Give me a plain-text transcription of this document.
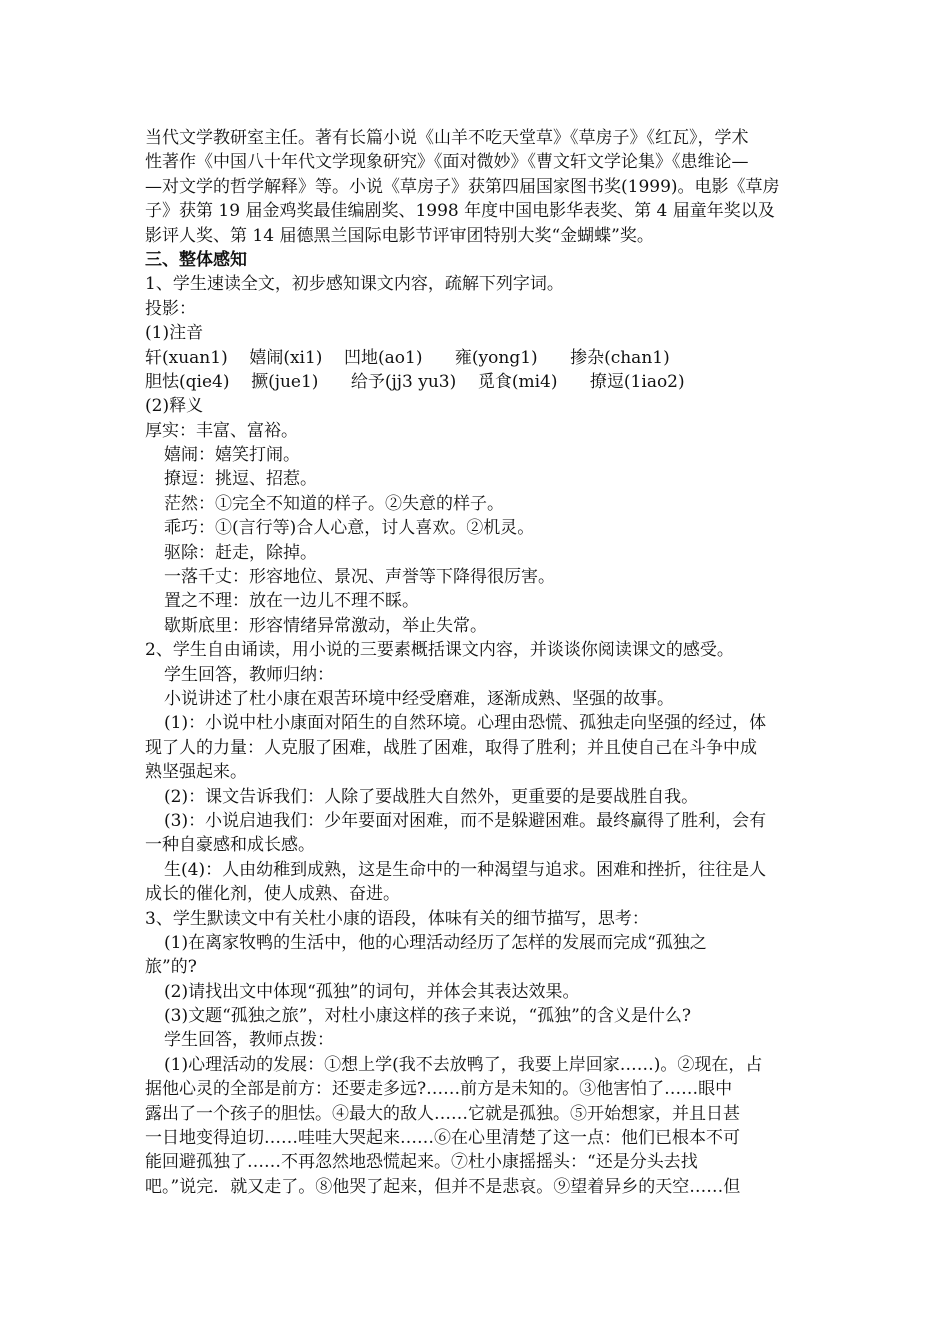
当代文学教研室主任。著有长篇小说《山羊不吃天堂草》《草房子》《红瓦》，学术
性著作《中国八十年代文学现象研究》《面对微妙》《曹文轩文学论集》《患维论—
—对文学的哲学解释》等。小说《草房子》获第四届国家图书奖(1999)。电影《草房
子》获第 19 届金鸡奖最佳编剧奖、1998 年度中国电影华表奖、第 4 届童年奖以及
影评人奖、第 14 届德黑兰国际电影节评审团特别大奖“金蝴蝶”奖。
三、整体感知
1、学生速读全文，初步感知课文内容，疏解下列字词。
投影：
(1)注音
轩(xuan1)    嬉闹(xi1)    凹地(ao1)      雍(yong1)      掺杂(chan1)
胆怯(qie4)    撅(jue1)      给予(jj3 yu3)    觅食(mi4)      撩逗(1iao2)
(2)释义
厚实：丰富、富裕。
嬉闹：嬉笑打闹。
撩逗：挑逗、招惹。
茫然：①完全不知道的样子。②失意的样子。
乖巧：①(言行等)合人心意，讨人喜欢。②机灵。
驱除：赶走，除掉。
一落千丈：形容地位、景况、声誉等下降得很厉害。
置之不理：放在一边儿不理不睬。
歇斯底里：形容情绪异常激动，举止失常。
2、学生自由诵读，用小说的三要素概括课文内容，并谈谈你阅读课文的感受。
学生回答，教师归纳：
小说讲述了杜小康在艰苦环境中经受磨难，逐渐成熟、坚强的故事。
(1)：小说中杜小康面对陌生的自然环境。心理由恐慌、孤独走向坚强的经过，体
现了人的力量：人克服了困难，战胜了困难，取得了胜利；并且使自己在斗争中成
熟坚强起来。
(2)：课文告诉我们：人除了要战胜大自然外，更重要的是要战胜自我。
(3)：小说启迪我们：少年要面对困难，而不是躲避困难。最终赢得了胜利，会有
一种自豪感和成长感。
生(4)：人由幼稚到成熟，这是生命中的一种渴望与追求。困难和挫折，往往是人
成长的催化剂，使人成熟、奋进。
3、学生默读文中有关杜小康的语段，体味有关的细节描写，思考：
(1)在离家牧鸭的生活中，他的心理活动经历了怎样的发展而完成“孤独之
旅”的?
(2)请找出文中体现“孤独”的词句，并体会其表达效果。
(3)文题“孤独之旅”，对杜小康这样的孩子来说，“孤独”的含义是什么?
学生回答，教师点拨：
(1)心理活动的发展：①想上学(我不去放鸭了，我要上岸回家……)。②现在，占
据他心灵的全部是前方：还要走多远?……前方是未知的。③他害怕了……眼中
露出了一个孩子的胆怯。④最大的敌人……它就是孤独。⑤开始想家，并且日甚
一日地变得迫切……哇哇大哭起来……⑥在心里清楚了这一点：他们已根本不可
能回避孤独了……不再忽然地恐慌起来。⑦杜小康摇摇头：“还是分头去找
吧。”说完．就又走了。⑧他哭了起来，但并不是悲哀。⑨望着异乡的天空……但
